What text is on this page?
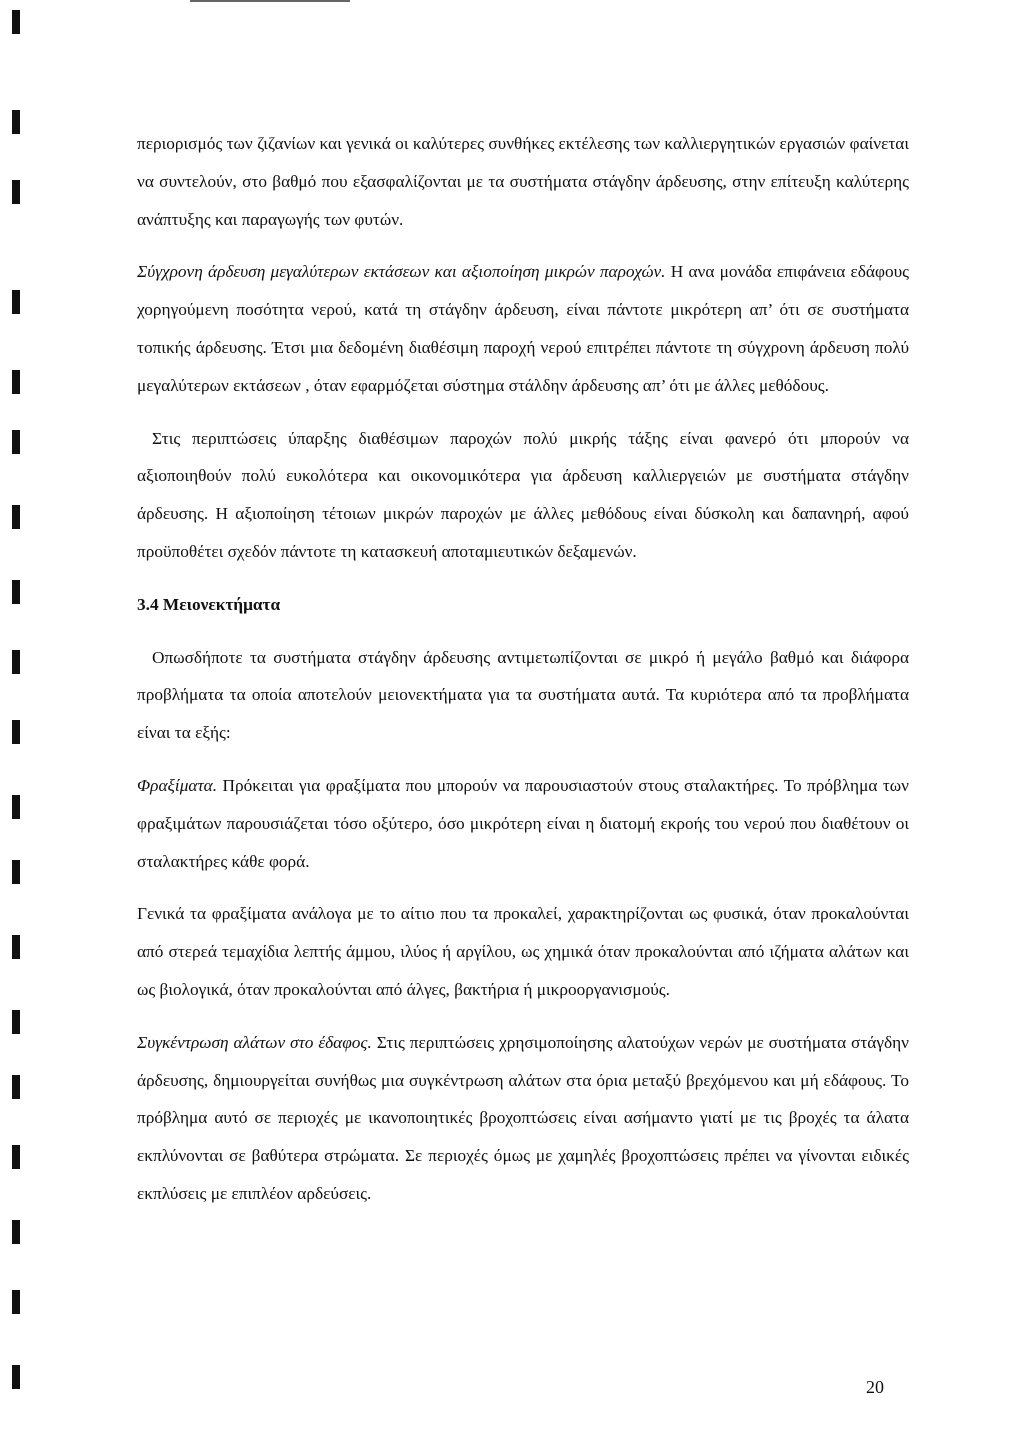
περιορισμός των ζιζανίων και γενικά οι καλύτερες συνθήκες εκτέλεσης των καλλιεργητικών εργασιών φαίνεται να συντελούν, στο βαθμό που εξασφαλίζονται με τα συστήματα στάγδην άρδευσης, στην επίτευξη καλύτερης ανάπτυξης και παραγωγής των φυτών.

Σύγχρονη άρδευση μεγαλύτερων εκτάσεων και αξιοποίηση μικρών παροχών. Η ανα μονάδα επιφάνεια εδάφους χορηγούμενη ποσότητα νερού, κατά τη στάγδην άρδευση, είναι πάντοτε μικρότερη απ’ ότι σε συστήματα τοπικής άρδευσης. Έτσι μια δεδομένη διαθέσιμη παροχή νερού επιτρέπει πάντοτε τη σύγχρονη άρδευση πολύ μεγαλύτερων εκτάσεων , όταν εφαρμόζεται σύστημα στάλδην άρδευσης απ’ ότι με άλλες μεθόδους.

Στις περιπτώσεις ύπαρξης διαθέσιμων παροχών πολύ μικρής τάξης είναι φανερό ότι μπορούν να αξιοποιηθούν πολύ ευκολότερα και οικονομικότερα για άρδευση καλλιεργειών με συστήματα στάγδην άρδευσης. Η αξιοποίηση τέτοιων μικρών παροχών με άλλες μεθόδους είναι δύσκολη και δαπανηρή, αφού προϋποθέτει σχεδόν πάντοτε τη κατασκευή αποταμιευτικών δεξαμενών.

3.4 Μειονεκτήματα

Οπωσδήποτε τα συστήματα στάγδην άρδευσης αντιμετωπίζονται σε μικρό ή μεγάλο βαθμό και διάφορα προβλήματα τα οποία αποτελούν μειονεκτήματα για τα συστήματα αυτά. Τα κυριότερα από τα προβλήματα είναι τα εξής:

Φραξίματα. Πρόκειται για φραξίματα που μπορούν να παρουσιαστούν στους σταλακτήρες. Το πρόβλημα των φραξιμάτων παρουσιάζεται τόσο οξύτερο, όσο μικρότερη είναι η διατομή εκροής του νερού που διαθέτουν οι σταλακτήρες κάθε φορά.

Γενικά τα φραξίματα ανάλογα με το αίτιο που τα προκαλεί, χαρακτηρίζονται ως φυσικά, όταν προκαλούνται από στερεά τεμαχίδια λεπτής άμμου, ιλύος ή αργίλου, ως χημικά όταν προκαλούνται από ιζήματα αλάτων και ως βιολογικά, όταν προκαλούνται από άλγες, βακτήρια ή μικροοργανισμούς.

Συγκέντρωση αλάτων στο έδαφος. Στις περιπτώσεις χρησιμοποίησης αλατούχων νερών με συστήματα στάγδην άρδευσης, δημιουργείται συνήθως μια συγκέντρωση αλάτων στα όρια μεταξύ βρεχόμενου και μή εδάφους. Το πρόβλημα αυτό σε περιοχές με ικανοποιητικές βροχοπτώσεις είναι ασήμαντο γιατί με τις βροχές τα άλατα εκπλύνονται σε βαθύτερα στρώματα. Σε περιοχές όμως με χαμηλές βροχοπτώσεις πρέπει να γίνονται ειδικές εκπλύσεις με επιπλέον αρδεύσεις.

20
